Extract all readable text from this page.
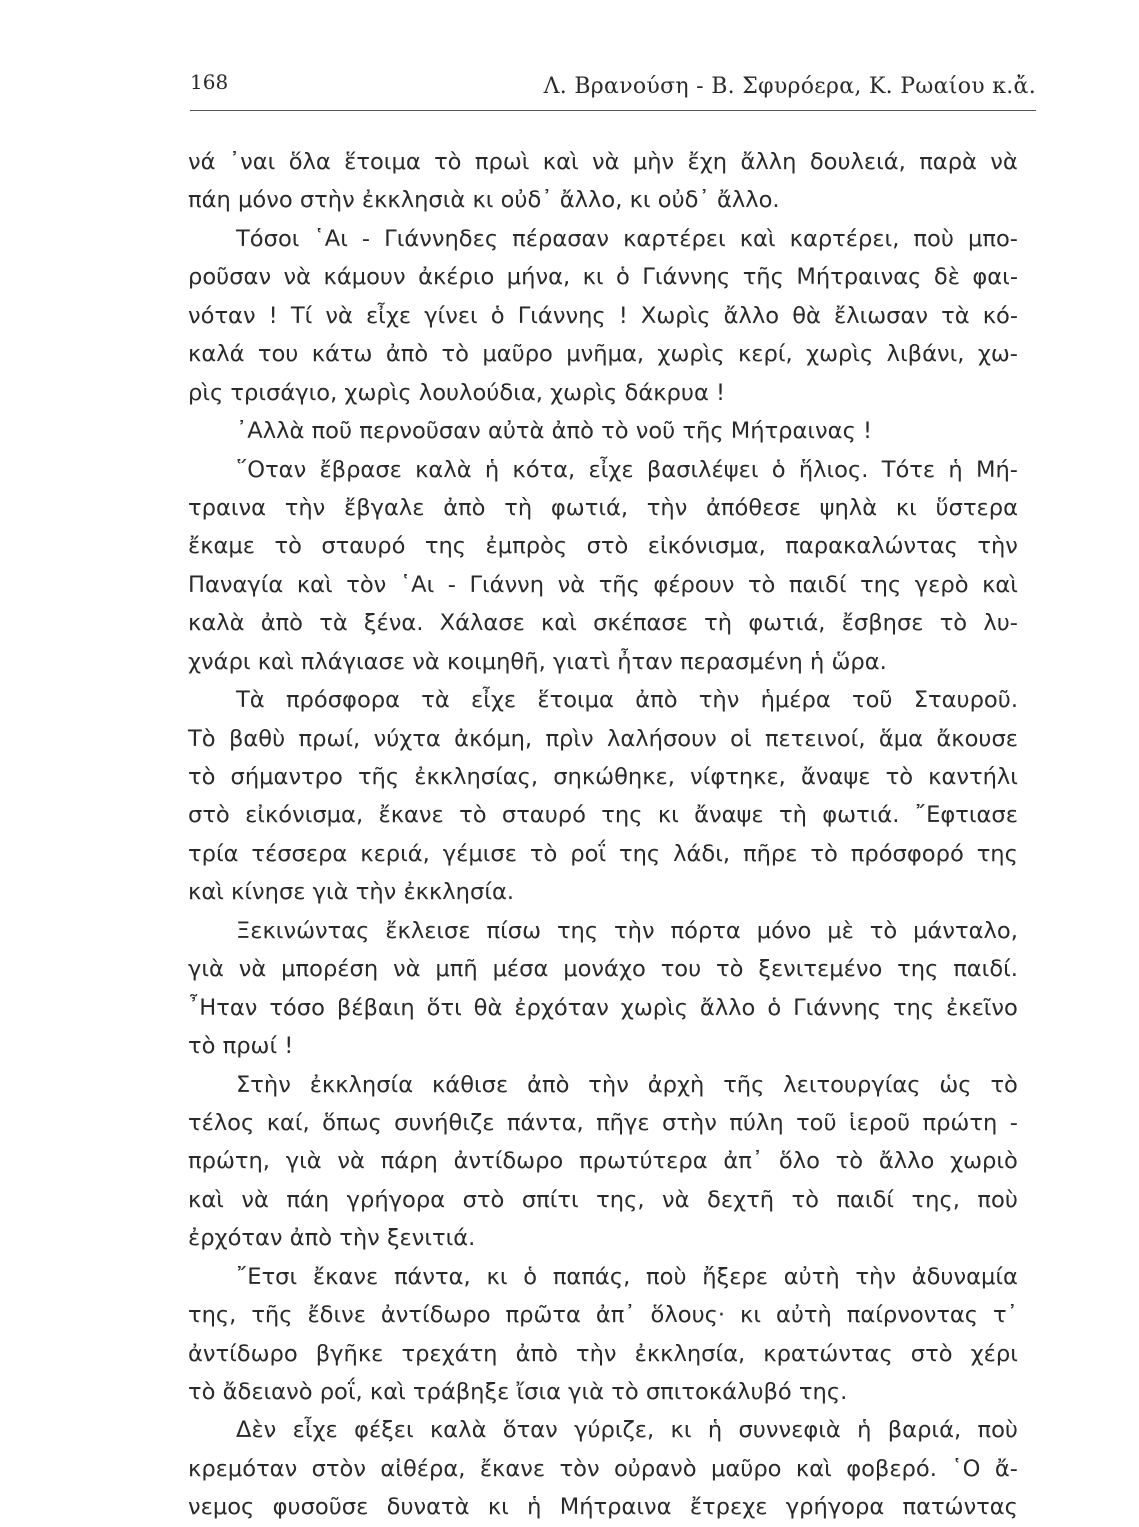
168	Λ. Βρανούση - Β. Σφυρόερα, Κ. Ρωαίου κ.ἄ.
νά ᾿ναι ὅλα ἕτοιμα τὸ πρωὶ καὶ νὰ μὴν ἔχη ἄλλη δουλειά, παρὰ νὰ
πάη μόνο στὴν ἐκκλησιὰ κι οὐδ᾿ ἄλλο, κι οὐδ᾿ ἄλλο.
Τόσοι ῾Αι - Γιάννηδες πέρασαν καρτέρει καὶ καρτέρει, ποὺ μπο-
ροῦσαν νὰ κάμουν ἀκέριο μήνα, κι ὁ Γιάννης τῆς Μήτραινας δὲ φαι-
νόταν ! Τί νὰ εἶχε γίνει ὁ Γιάννης ! Χωρὶς ἄλλο θὰ ἔλιωσαν τὰ κό-
καλά του κάτω ἀπὸ τὸ μαῦρο μνῆμα, χωρὶς κερί, χωρὶς λιβάνι, χω-
ρὶς τρισάγιο, χωρὶς λουλούδια, χωρὶς δάκρυα !
᾿Αλλὰ ποῦ περνοῦσαν αὐτὰ ἀπὸ τὸ νοῦ τῆς Μήτραινας !
῞Οταν ἔβρασε καλὰ ἡ κότα, εἶχε βασιλέψει ὁ ἥλιος. Τότε ἡ Μή-
τραινα τὴν ἔβγαλε ἀπὸ τὴ φωτιά, τὴν ἀπόθεσε ψηλὰ κι ὕστερα
ἔκαμε τὸ σταυρό της ἐμπρὸς στὸ εἰκόνισμα, παρακαλώντας τὴν
Παναγία καὶ τὸν ῾Αι - Γιάννη νὰ τῆς φέρουν τὸ παιδί της γερὸ καὶ
καλὰ ἀπὸ τὰ ξένα. Χάλασε καὶ σκέπασε τὴ φωτιά, ἔσβησε τὸ λυ-
χνάρι καὶ πλάγιασε νὰ κοιμηθῆ, γιατὶ ἦταν περασμένη ἡ ὥρα.
Τὰ πρόσφορα τὰ εἶχε ἕτοιμα ἀπὸ τὴν ἡμέρα τοῦ Σταυροῦ.
Τὸ βαθὺ πρωί, νύχτα ἀκόμη, πρὶν λαλήσουν οἱ πετεινοί, ἅμα ἄκουσε
τὸ σήμαντρο τῆς ἐκκλησίας, σηκώθηκε, νίφτηκε, ἄναψε τὸ καντήλι
στὸ εἰκόνισμα, ἔκανε τὸ σταυρό της κι ἄναψε τὴ φωτιά. ῎Εφτιασε
τρία τέσσερα κεριά, γέμισε τὸ ροΐ της λάδι, πῆρε τὸ πρόσφορό της
καὶ κίνησε γιὰ τὴν ἐκκλησία.
Ξεκινώντας ἔκλεισε πίσω της τὴν πόρτα μόνο μὲ τὸ μάνταλο,
γιὰ νὰ μπορέση νὰ μπῆ μέσα μονάχο του τὸ ξενιτεμένο της παιδί.
῏Ηταν τόσο βέβαιη ὅτι θὰ ἐρχόταν χωρὶς ἄλλο ὁ Γιάννης της ἐκεῖνο
τὸ πρωί !
Στὴν ἐκκλησία κάθισε ἀπὸ τὴν ἀρχὴ τῆς λειτουργίας ὡς τὸ
τέλος καί, ὅπως συνήθιζε πάντα, πῆγε στὴν πύλη τοῦ ἱεροῦ πρώτη -
πρώτη, γιὰ νὰ πάρη ἀντίδωρο πρωτύτερα ἀπ᾿ ὅλο τὸ ἄλλο χωριὸ
καὶ νὰ πάη γρήγορα στὸ σπίτι της, νὰ δεχτῆ τὸ παιδί της, ποὺ
ἐρχόταν ἀπὸ τὴν ξενιτιά.
῎Ετσι ἔκανε πάντα, κι ὁ παπάς, ποὺ ἤξερε αὐτὴ τὴν ἀδυναμία
της, τῆς ἔδινε ἀντίδωρο πρῶτα ἀπ᾿ ὅλους· κι αὐτὴ παίρνοντας τ᾿
ἀντίδωρο βγῆκε τρεχάτη ἀπὸ τὴν ἐκκλησία, κρατώντας στὸ χέρι
τὸ ἄδειανὸ ροΐ, καὶ τράβηξε ἴσια γιὰ τὸ σπιτοκάλυβό της.
Δὲν εἶχε φέξει καλὰ ὅταν γύριζε, κι ἡ συννεφιὰ ἡ βαριά, ποὺ
κρεμόταν στὸν αἰθέρα, ἔκανε τὸν οὐρανὸ μαῦρο καὶ φοβερό. ῾Ο ἄ-
νεμος φυσοῦσε δυνατὰ κι ἡ Μήτραινα ἔτρεχε γρήγορα πατώντας
